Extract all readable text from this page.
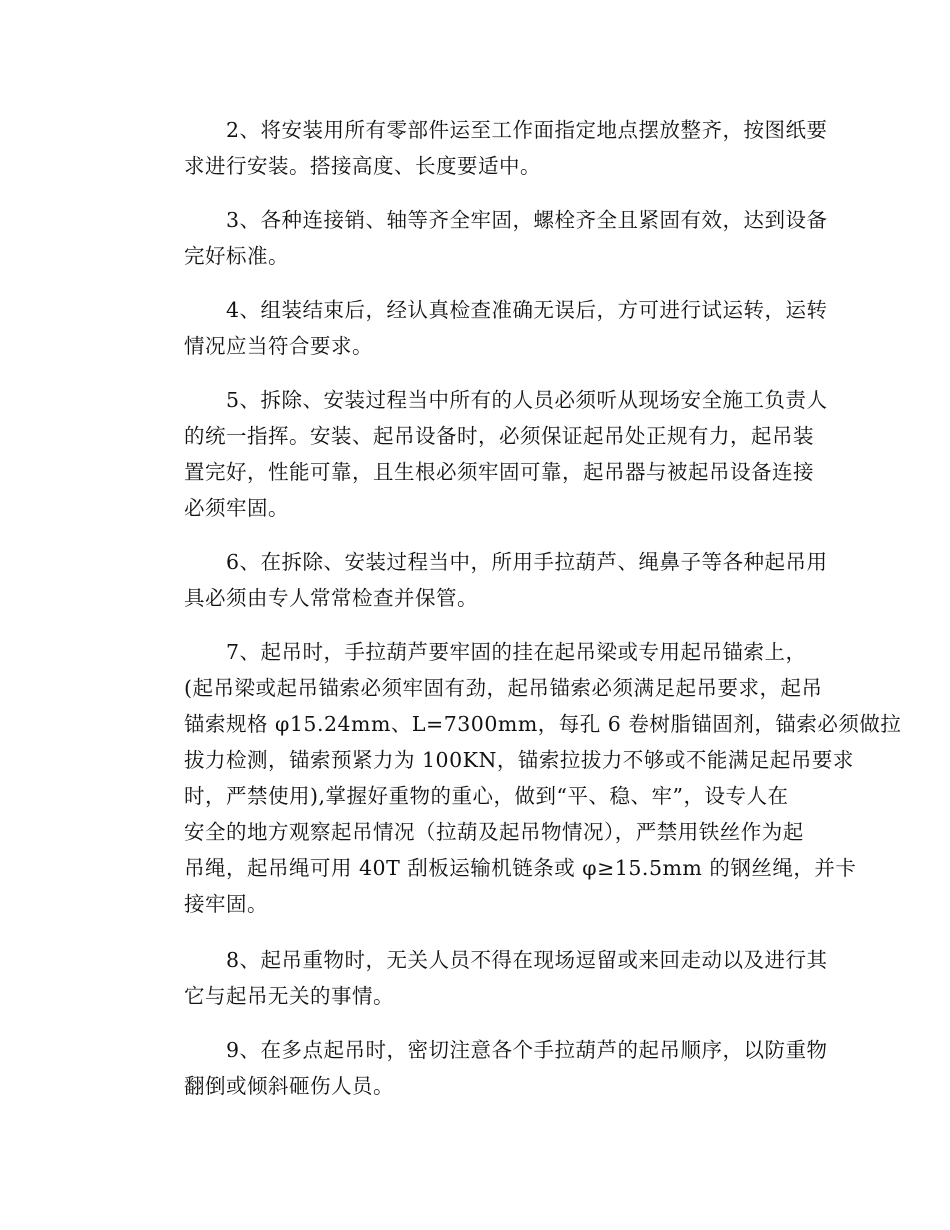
2、将安装用所有零部件运至工作面指定地点摆放整齐，按图纸要
求进行安装。搭接高度、长度要适中。
3、各种连接销、轴等齐全牢固，螺栓齐全且紧固有效，达到设备
完好标准。
4、组装结束后，经认真检查准确无误后，方可进行试运转，运转
情况应当符合要求。
5、拆除、安装过程当中所有的人员必须听从现场安全施工负责人
的统一指挥。安装、起吊设备时，必须保证起吊处正规有力，起吊装
置完好，性能可靠，且生根必须牢固可靠，起吊器与被起吊设备连接
必须牢固。
6、在拆除、安装过程当中，所用手拉葫芦、绳鼻子等各种起吊用
具必须由专人常常检查并保管。
7、起吊时，手拉葫芦要牢固的挂在起吊梁或专用起吊锚索上，
(起吊梁或起吊锚索必须牢固有劲，起吊锚索必须满足起吊要求，起吊
锚索规格 φ15.24mm、L=7300mm，每孔 6 卷树脂锚固剂，锚索必须做拉
拔力检测，锚索预紧力为 100KN，锚索拉拔力不够或不能满足起吊要求
时，严禁使用),掌握好重物的重心，做到“平、稳、牢”，设专人在
安全的地方观察起吊情况（拉葫及起吊物情况），严禁用铁丝作为起
吊绳，起吊绳可用 40T 刮板运输机链条或 φ≥15.5mm 的钢丝绳，并卡
接牢固。
8、起吊重物时，无关人员不得在现场逗留或来回走动以及进行其
它与起吊无关的事情。
9、在多点起吊时，密切注意各个手拉葫芦的起吊顺序，以防重物
翻倒或倾斜砸伤人员。
